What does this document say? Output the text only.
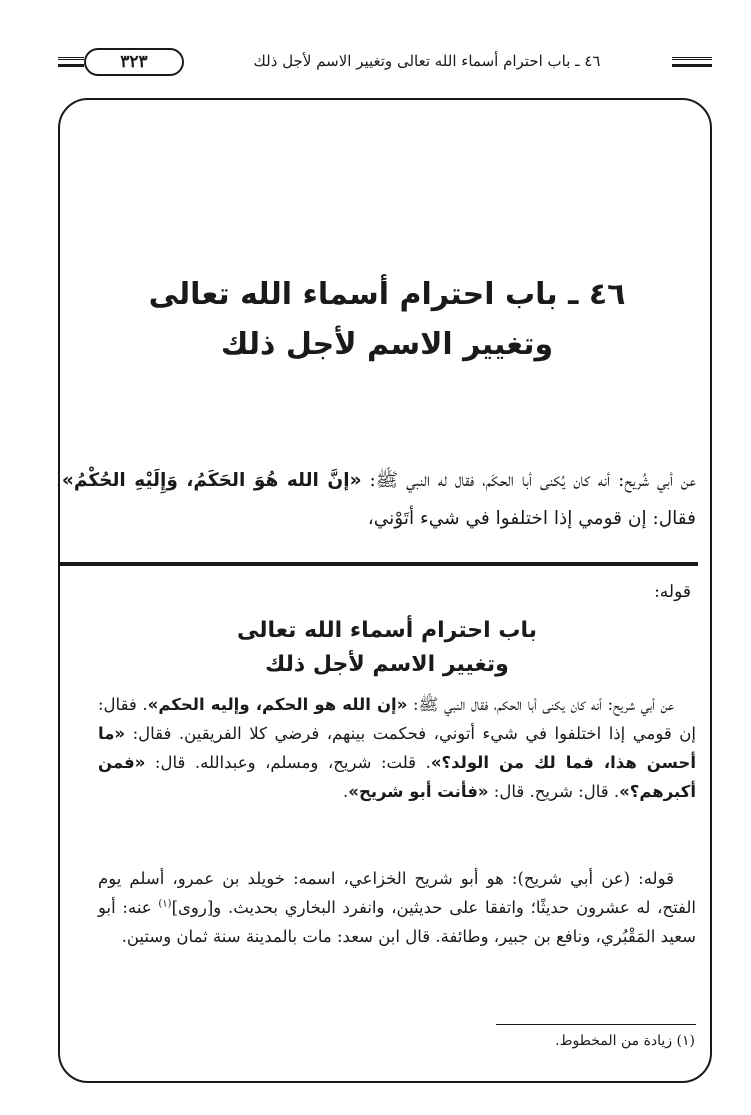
٣٢٣	٤٦ ـ باب احترام أسماء الله تعالى وتغيير الاسم لأجل ذلك
٤٦ ـ باب احترام أسماء الله تعالى
وتغيير الاسم لأجل ذلك
عن أبي شُريح: أنه كان يُكنى أبا الحكَم، فقال له النبي ﷺ: «إنَّ الله هُوَ الحَكَمُ، وَإِلَيْهِ الحُكْمُ». فقال: إن قومي إذا اختلفوا في شيء أتَوْني،
قوله:
باب احترام أسماء الله تعالى
وتغيير الاسم لأجل ذلك
عن أبي شريح: أنه كان يكنى أبا الحكم، فقال النبي ﷺ: «إن الله هو الحكم، وإليه الحكم». فقال: إن قومي إذا اختلفوا في شيء أتوني، فحكمت بينهم، فرضي كلا الفريقين. فقال: «ما أحسن هذا، فما لك من الولد؟». قلت: شريح، ومسلم، وعبدالله. قال: «فمن أكبرهم؟». قال: شريح. قال: «فأنت أبو شريح».
قوله: (عن أبي شريح): هو أبو شريح الخزاعي، اسمه: خويلد بن عمرو، أسلم يوم الفتح، له عشرون حديثًا؛ واتفقا على حديثين، وانفرد البخاري بحديث. و[روى]$^{(١)}$ عنه: أبو سعيد المَقْبُري، ونافع بن جبير، وطائفة. قال ابن سعد: مات بالمدينة سنة ثمان وستين.
(١) زيادة من المخطوط.
